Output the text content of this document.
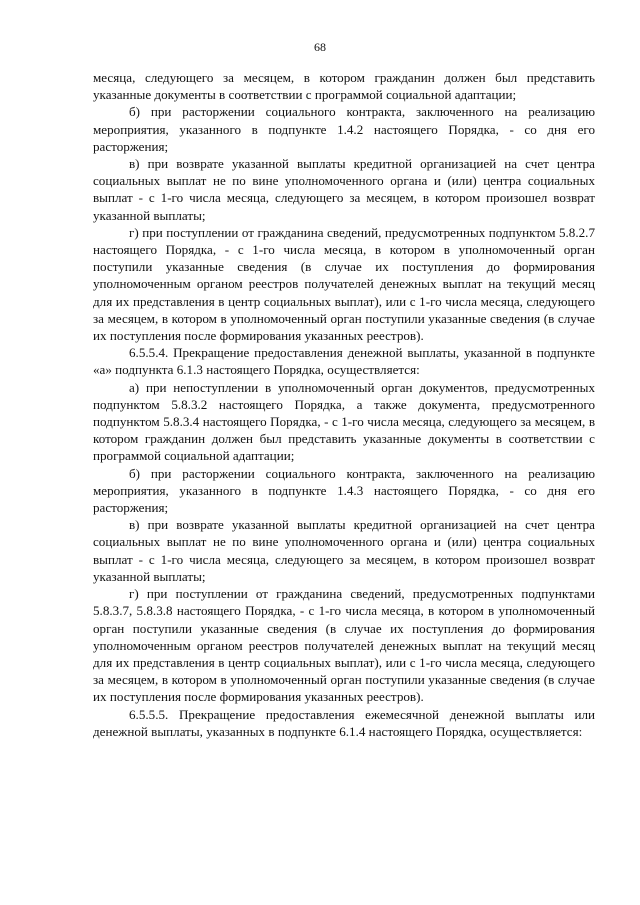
68

месяца, следующего за месяцем, в котором гражданин должен был представить указанные документы в соответствии с программой социальной адаптации;

б) при расторжении социального контракта, заключенного на реализацию мероприятия, указанного в подпункте 1.4.2 настоящего Порядка, - со дня его расторжения;

в) при возврате указанной выплаты кредитной организацией на счет центра социальных выплат не по вине уполномоченного органа и (или) центра социальных выплат - с 1-го числа месяца, следующего за месяцем, в котором произошел возврат указанной выплаты;

г) при поступлении от гражданина сведений, предусмотренных подпунктом 5.8.2.7 настоящего Порядка, - с 1-го числа месяца, в котором в уполномоченный орган поступили указанные сведения (в случае их поступления до формирования уполномоченным органом реестров получателей денежных выплат на текущий месяц для их представления в центр социальных выплат), или с 1-го числа месяца, следующего за месяцем, в котором в уполномоченный орган поступили указанные сведения (в случае их поступления после формирования указанных реестров).

6.5.5.4. Прекращение предоставления денежной выплаты, указанной в подпункте «а» подпункта 6.1.3 настоящего Порядка, осуществляется:

а) при непоступлении в уполномоченный орган документов, предусмотренных подпунктом 5.8.3.2 настоящего Порядка, а также документа, предусмотренного подпунктом 5.8.3.4 настоящего Порядка, - с 1-го числа месяца, следующего за месяцем, в котором гражданин должен был представить указанные документы в соответствии с программой социальной адаптации;

б) при расторжении социального контракта, заключенного на реализацию мероприятия, указанного в подпункте 1.4.3 настоящего Порядка, - со дня его расторжения;

в) при возврате указанной выплаты кредитной организацией на счет центра социальных выплат не по вине уполномоченного органа и (или) центра социальных выплат - с 1-го числа месяца, следующего за месяцем, в котором произошел возврат указанной выплаты;

г) при поступлении от гражданина сведений, предусмотренных подпунктами 5.8.3.7, 5.8.3.8 настоящего Порядка, - с 1-го числа месяца, в котором в уполномоченный орган поступили указанные сведения (в случае их поступления до формирования уполномоченным органом реестров получателей денежных выплат на текущий месяц для их представления в центр социальных выплат), или с 1-го числа месяца, следующего за месяцем, в котором в уполномоченный орган поступили указанные сведения (в случае их поступления после формирования указанных реестров).

6.5.5.5. Прекращение предоставления ежемесячной денежной выплаты или денежной выплаты, указанных в подпункте 6.1.4 настоящего Порядка, осуществляется:
